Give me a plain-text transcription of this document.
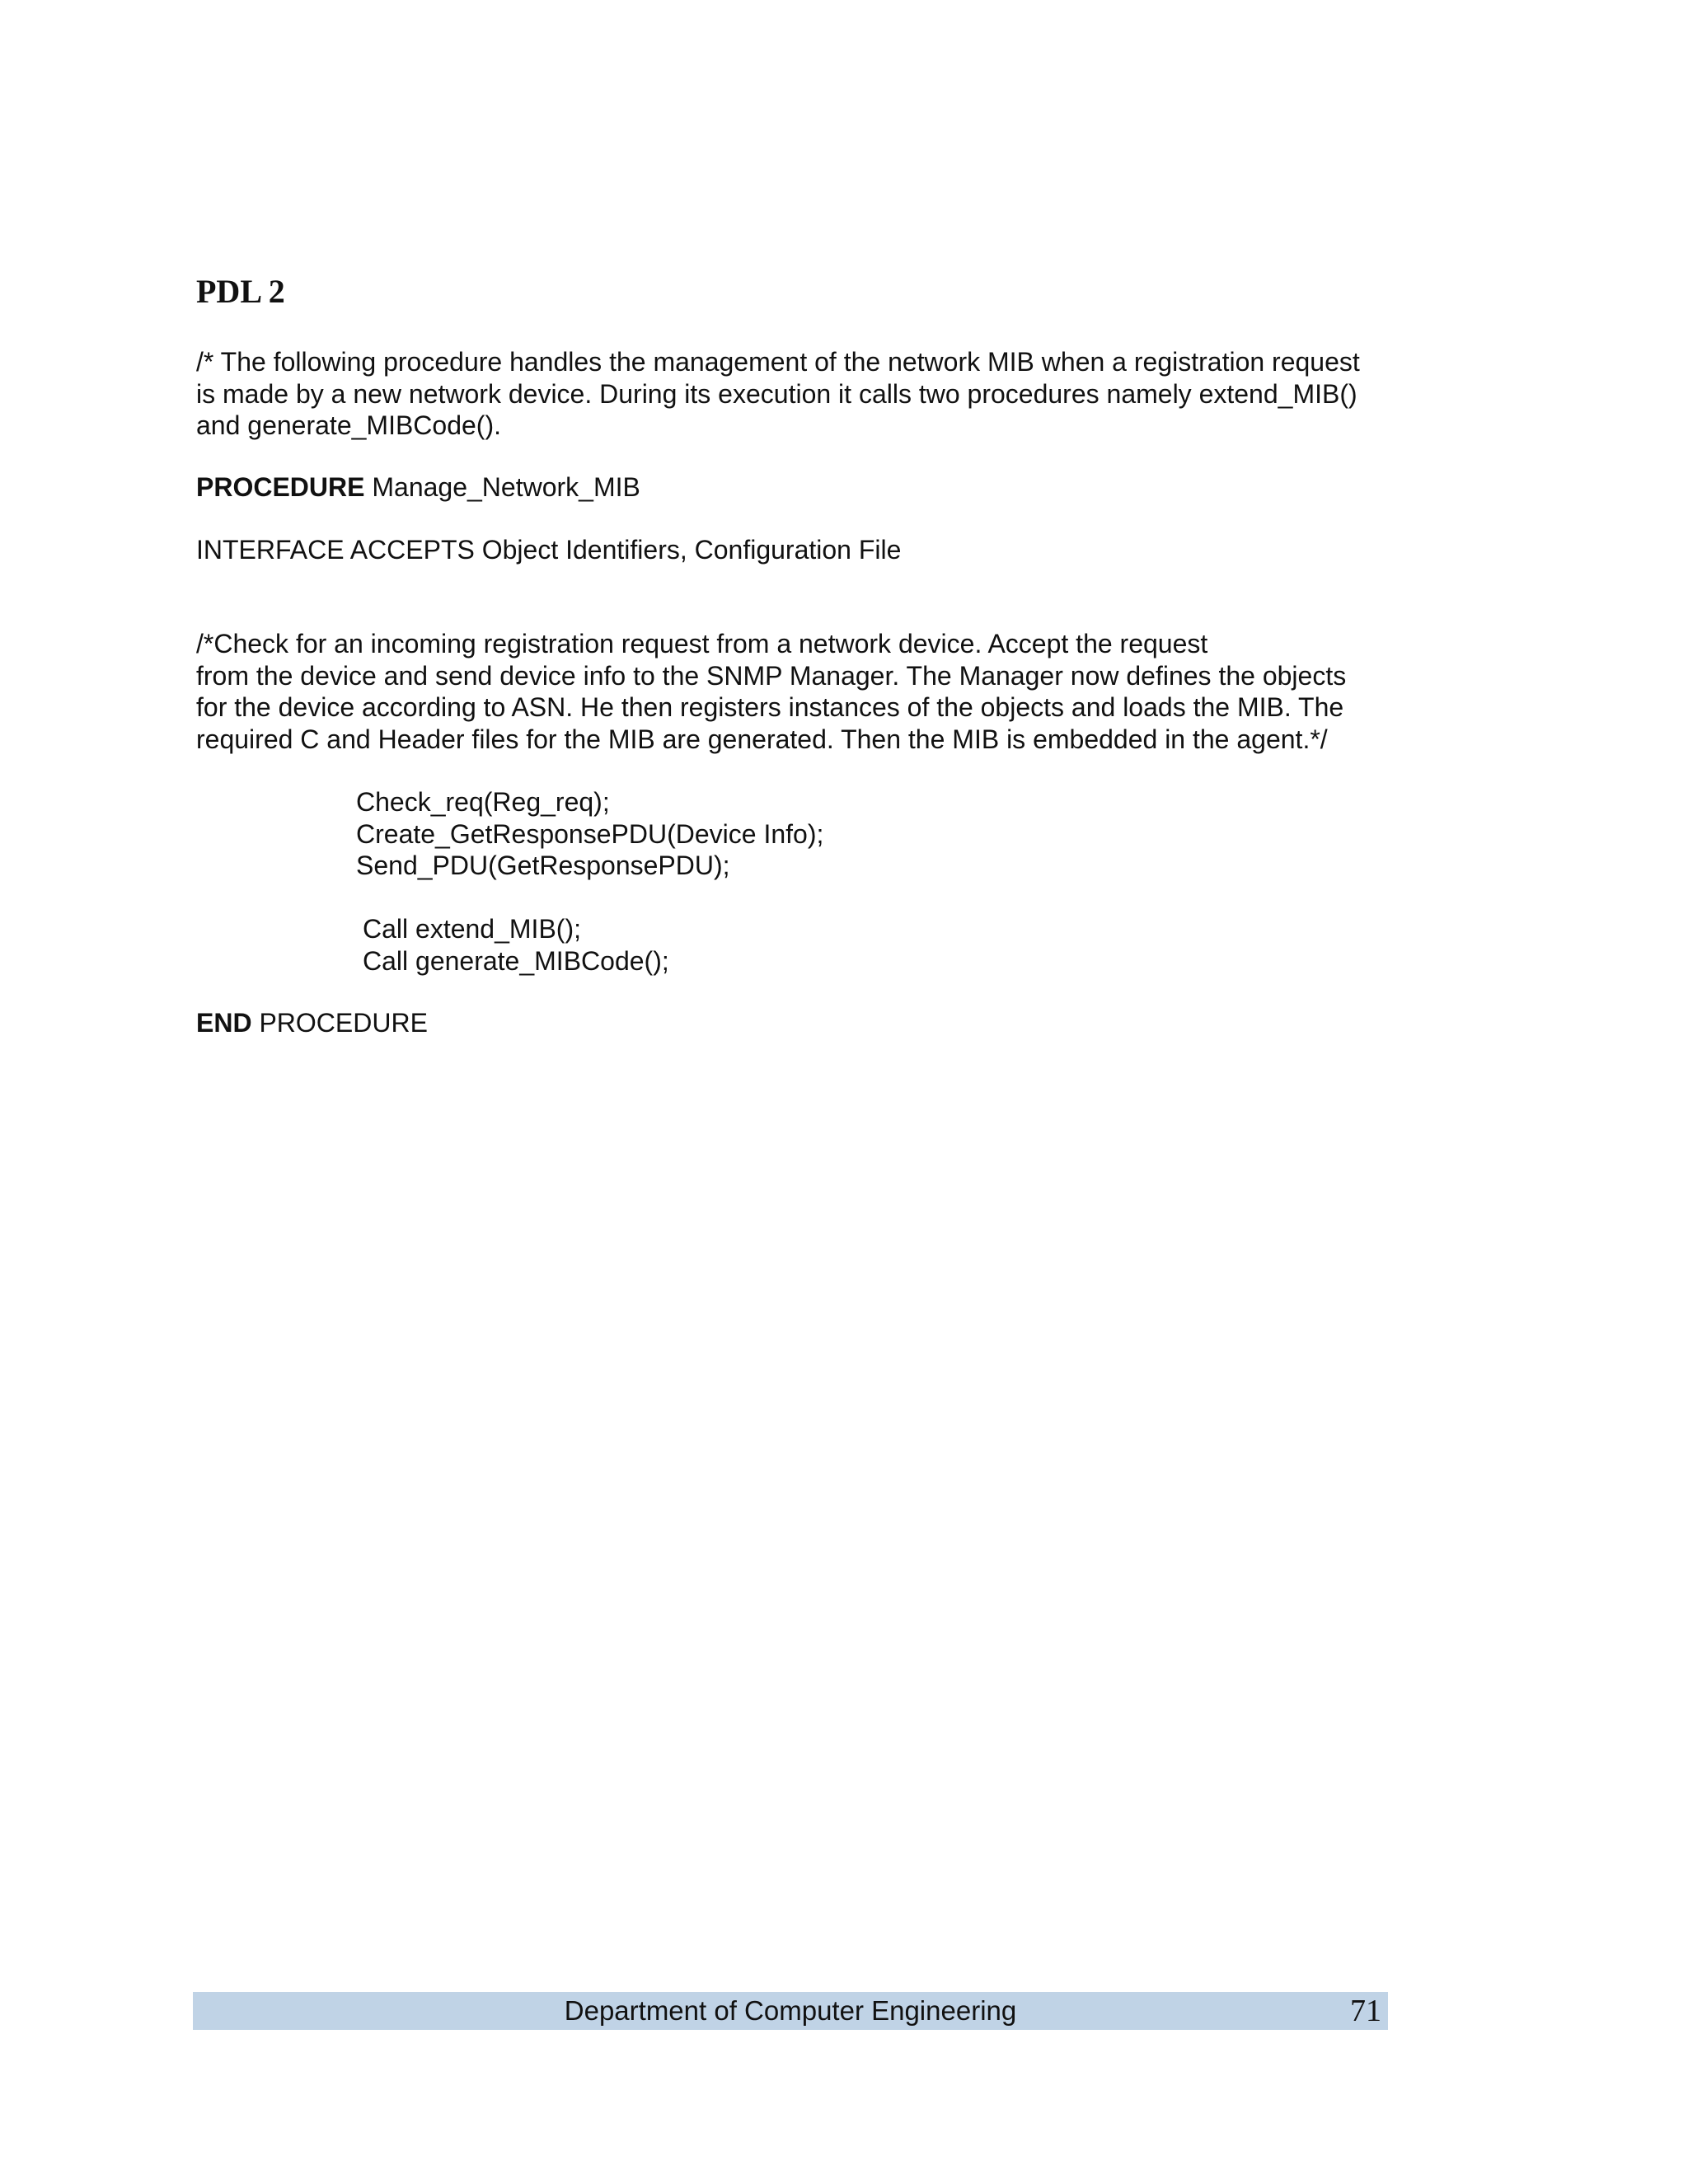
PDL 2

/* The following procedure handles the management of the network MIB when a registration request
is made by a new network device. During its execution it calls two procedures namely extend_MIB()
and generate_MIBCode().

PROCEDURE Manage_Network_MIB

INTERFACE ACCEPTS Object Identifiers, Configuration File

/*Check for an incoming registration request from a network device. Accept the request
from the device and send device info to the SNMP Manager. The Manager now defines the objects
for the device according to ASN. He then registers instances of the objects and loads the MIB. The
required C and Header files for the MIB are generated. Then the MIB is embedded in the agent.*/

Check_req(Reg_req);
Create_GetResponsePDU(Device Info);
Send_PDU(GetResponsePDU);
Call extend_MIB();
Call generate_MIBCode();

END PROCEDURE

Department of Computer Engineering	71
